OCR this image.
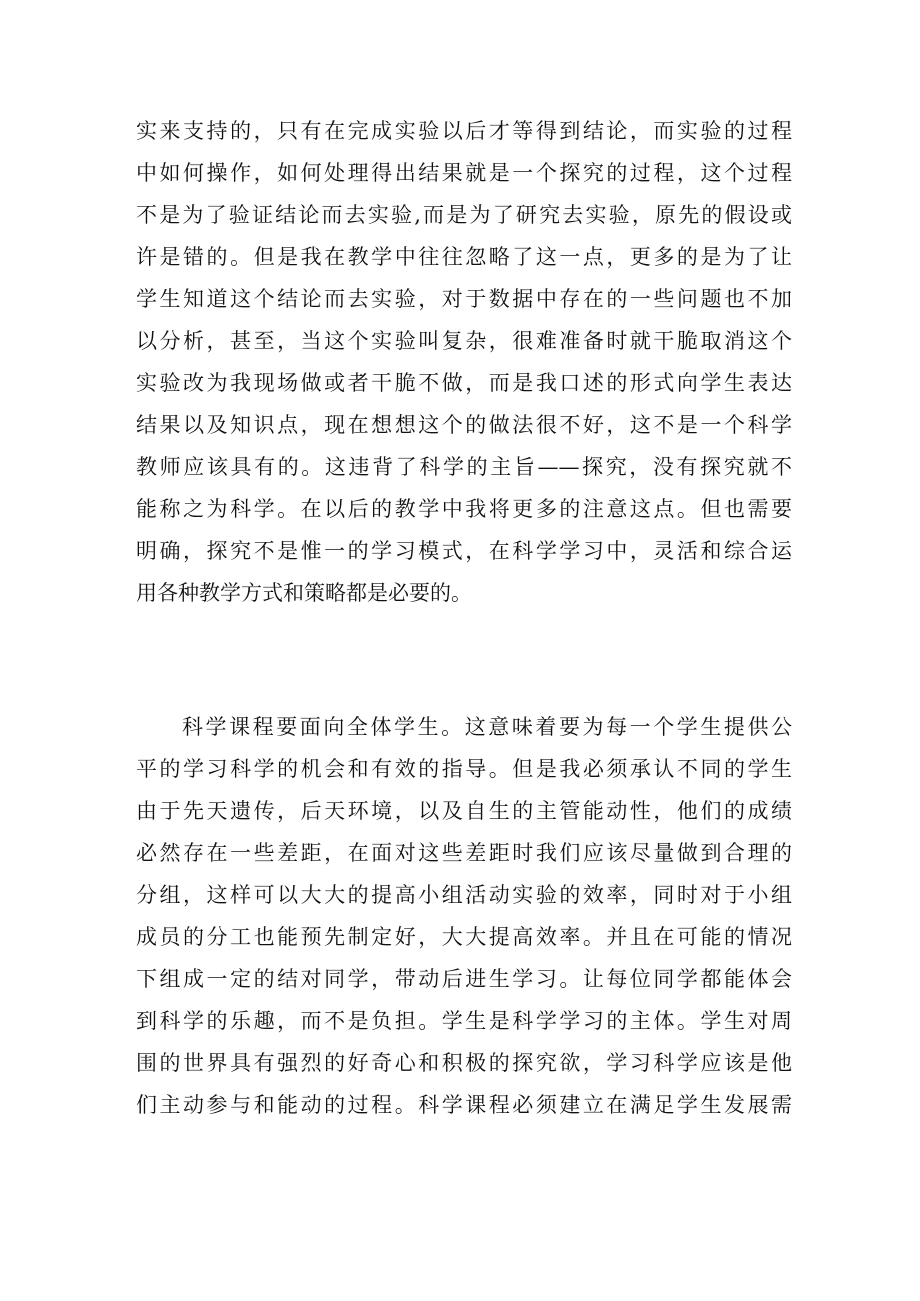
实来支持的，只有在完成实验以后才等得到结论，而实验的过程
中如何操作，如何处理得出结果就是一个探究的过程，这个过程
不是为了验证结论而去实验,而是为了研究去实验，原先的假设或
许是错的。但是我在教学中往往忽略了这一点，更多的是为了让
学生知道这个结论而去实验，对于数据中存在的一些问题也不加
以分析，甚至，当这个实验叫复杂，很难准备时就干脆取消这个
实验改为我现场做或者干脆不做，而是我口述的形式向学生表达
结果以及知识点，现在想想这个的做法很不好，这不是一个科学
教师应该具有的。这违背了科学的主旨——探究，没有探究就不
能称之为科学。在以后的教学中我将更多的注意这点。但也需要
明确，探究不是惟一的学习模式，在科学学习中，灵活和综合运
用各种教学方式和策略都是必要的。
科学课程要面向全体学生。这意味着要为每一个学生提供公
平的学习科学的机会和有效的指导。但是我必须承认不同的学生
由于先天遗传，后天环境，以及自生的主管能动性，他们的成绩
必然存在一些差距，在面对这些差距时我们应该尽量做到合理的
分组，这样可以大大的提高小组活动实验的效率，同时对于小组
成员的分工也能预先制定好，大大提高效率。并且在可能的情况
下组成一定的结对同学，带动后进生学习。让每位同学都能体会
到科学的乐趣，而不是负担。学生是科学学习的主体。学生对周
围的世界具有强烈的好奇心和积极的探究欲，学习科学应该是他
们主动参与和能动的过程。科学课程必须建立在满足学生发展需
